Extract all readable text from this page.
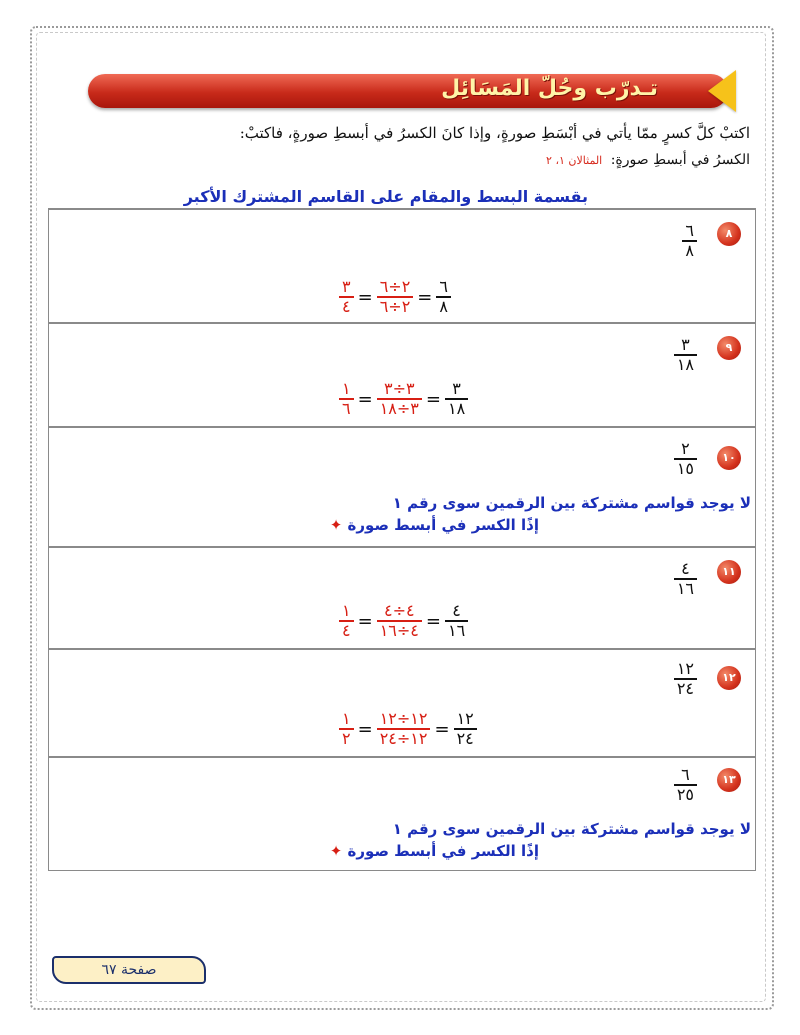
تـدرّب وحُلّ المَسَائِل
اكتبْ كلَّ كسرٍ ممّا يأتي في أبْسَطِ صورةٍ، وإذا كانَ الكسرُ في أبسطِ صورةٍ، فاكتبْ:
الكسرُ في أبسطِ صورةٍ: المثالان ١، ٢
بقسمة البسط والمقام على القاسم المشترك الأكبر
٨
$\frac{٦}{٨}$
$\frac{٣}{٤} = \frac{٢\div ٦}{٢\div ٦} = \frac{٦}{٨}$
٩
$\frac{٣}{١٨}$
$\frac{١}{٦} = \frac{٣\div ٣}{٣\div ١٨} = \frac{٣}{١٨}$
١٠
$\frac{٢}{١٥}$
لا يوجد قواسم مشتركة بين الرقمين سوى رقم ١
إذًا الكسر في أبسط صورة ✦
١١
$\frac{٤}{١٦}$
$\frac{١}{٤} = \frac{٤\div ٤}{٤\div ١٦} = \frac{٤}{١٦}$
١٢
$\frac{١٢}{٢٤}$
$\frac{١}{٢} = \frac{١٢\div ١٢}{١٢\div ٢٤} = \frac{١٢}{٢٤}$
١٣
$\frac{٦}{٢٥}$
لا يوجد قواسم مشتركة بين الرقمين سوى رقم ١
إذًا الكسر في أبسط صورة ✦
صفحة ٦٧
